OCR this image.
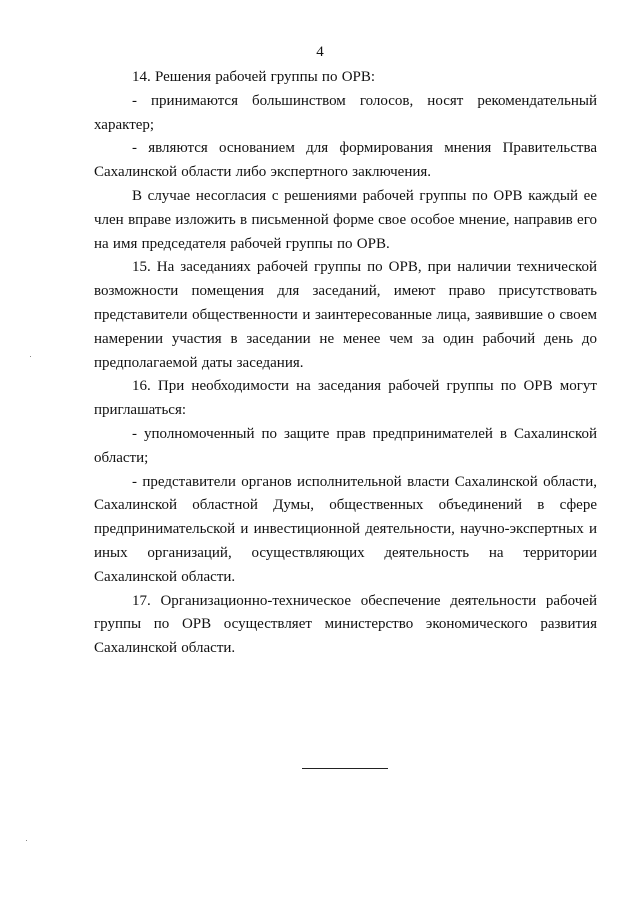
4

14. Решения рабочей группы по ОРВ:

- принимаются большинством голосов, носят рекомендательный характер;

- являются основанием для формирования мнения Правительства Сахалинской области либо экспертного заключения.

В случае несогласия с решениями рабочей группы по ОРВ каждый ее член вправе изложить в письменной форме свое особое мнение, направив его на имя председателя рабочей группы по ОРВ.

15. На заседаниях рабочей группы по ОРВ, при наличии технической возможности помещения для заседаний, имеют право присутствовать представители общественности и заинтересованные лица, заявившие о своем намерении участия в заседании не менее чем за один рабочий день до предполагаемой даты заседания.

16. При необходимости на заседания рабочей группы по ОРВ могут приглашаться:

- уполномоченный по защите прав предпринимателей в Сахалинской области;

- представители органов исполнительной власти Сахалинской области, Сахалинской областной Думы, общественных объединений в сфере предпринимательской и инвестиционной деятельности, научно-экспертных и иных организаций, осуществляющих деятельность на территории Сахалинской области.

17. Организационно-техническое обеспечение деятельности рабочей группы по ОРВ осуществляет министерство экономического развития Сахалинской области.
